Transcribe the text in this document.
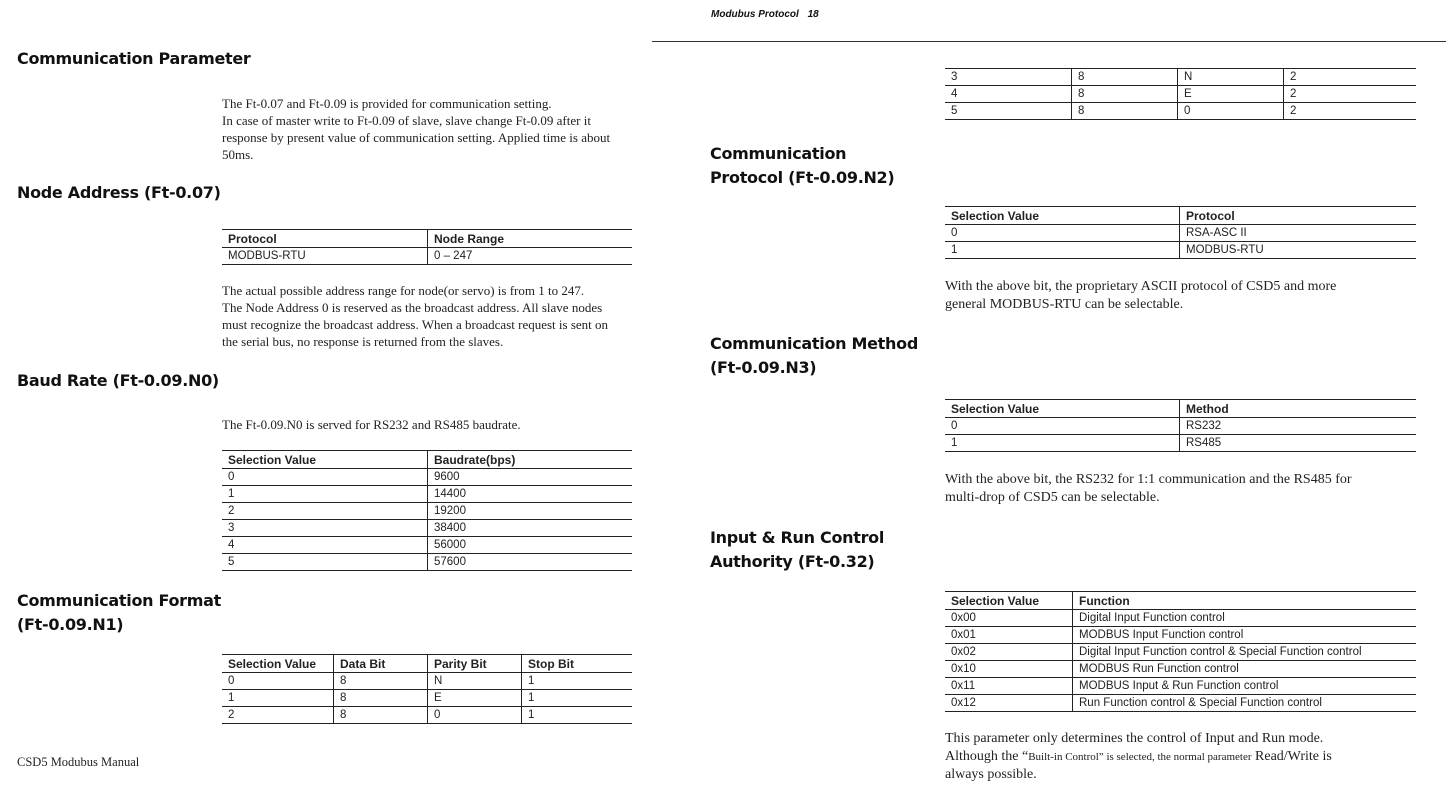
Communication Parameter
The Ft-0.07 and Ft-0.09 is provided for communication setting.
In case of master write to Ft-0.09 of slave, slave change Ft-0.09 after it
response by present value of communication setting. Applied time is about
50ms.
Node Address (Ft-0.07)
Protocol	Node Range
MODBUS-RTU	0 – 247
The actual possible address range for node(or servo) is from 1 to 247.
The Node Address 0 is reserved as the broadcast address. All slave nodes
must recognize the broadcast address. When a broadcast request is sent on
the serial bus, no response is returned from the slaves.
Baud Rate (Ft-0.09.N0)
The Ft-0.09.N0 is served for RS232 and RS485 baudrate.
Selection Value	Baudrate(bps)
0	9600
1	14400
2	19200
3	38400
4	56000
5	57600
Communication Format
(Ft-0.09.N1)
Selection Value	Data Bit	Parity Bit	Stop Bit
0	8	N	1
1	8	E	1
2	8	0	1
CSD5 Modubus Manual
Modubus Protocol 18
3	8	N	2
4	8	E	2
5	8	0	2
Communication
Protocol (Ft-0.09.N2)
Selection Value	Protocol
0	RSA-ASC II
1	MODBUS-RTU
With the above bit, the proprietary ASCII protocol of CSD5 and more
general MODBUS-RTU can be selectable.
Communication Method
(Ft-0.09.N3)
Selection Value	Method
0	RS232
1	RS485
With the above bit, the RS232 for 1:1 communication and the RS485 for
multi-drop of CSD5 can be selectable.
Input & Run Control
Authority (Ft-0.32)
Selection Value	Function
0x00	Digital Input Function control
0x01	MODBUS Input Function control
0x02	Digital Input Function control & Special Function control
0x10	MODBUS Run Function control
0x11	MODBUS Input & Run Function control
0x12	Run Function control & Special Function control
This parameter only determines the control of Input and Run mode.
Although the “Built-in Control” is selected, the normal parameter Read/Write is
always possible.
